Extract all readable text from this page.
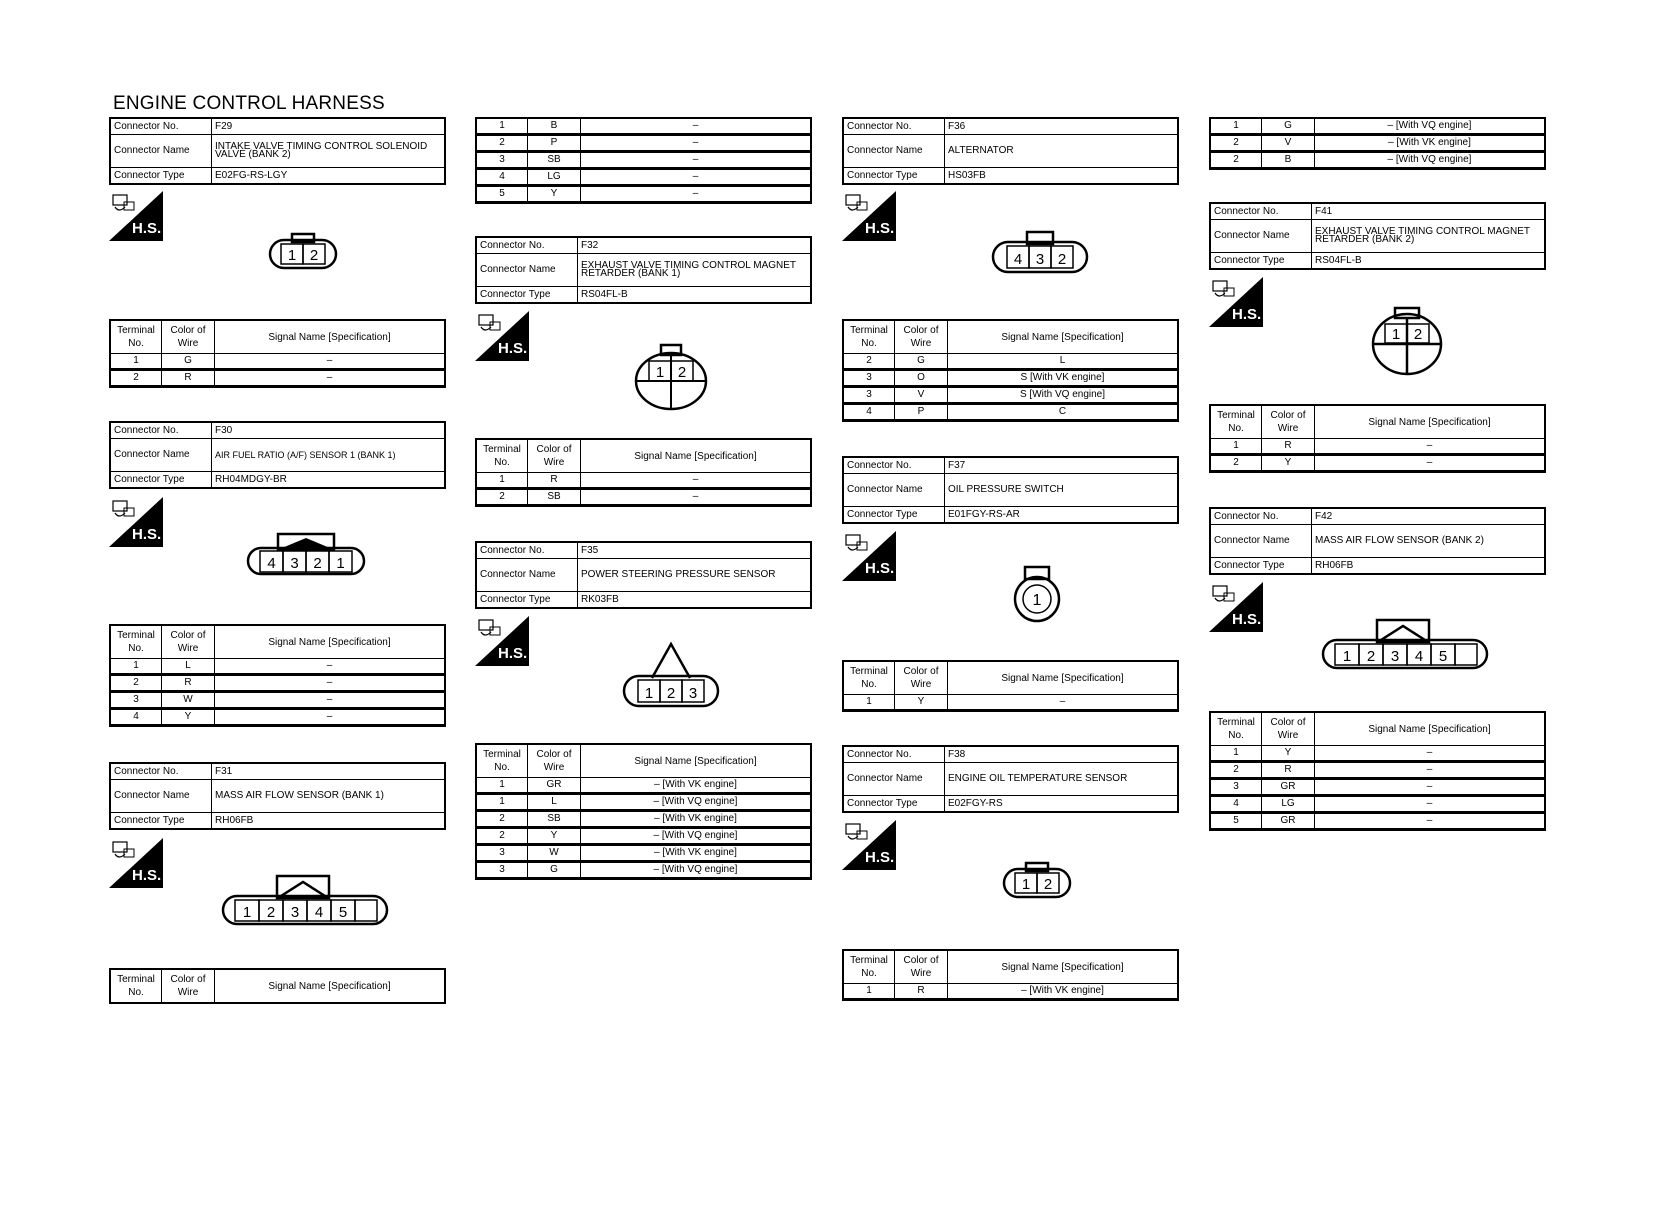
ENGINE CONTROL HARNESS
Connector No.	F29
Connector Name	INTAKE VALVE TIMING CONTROL SOLENOID VALVE (BANK 2)
Connector Type	E02FG-RS-LGY
H.S.
1 2
Terminal No.	Color of Wire	Signal Name [Specification]
1	G	–
2	R	–
Connector No.	F30
Connector Name	AIR FUEL RATIO (A/F) SENSOR 1 (BANK 1)
Connector Type	RH04MDGY-BR
H.S.
4 3 2 1
Terminal No.	Color of Wire	Signal Name [Specification]
1	L	–
2	R	–
3	W	–
4	Y	–
Connector No.	F31
Connector Name	MASS AIR FLOW SENSOR (BANK 1)
Connector Type	RH06FB
H.S.
1 2 3 4 5
Terminal No.	Color of Wire	Signal Name [Specification]
1	B	–
2	P	–
3	SB	–
4	LG	–
5	Y	–
Connector No.	F32
Connector Name	EXHAUST VALVE TIMING CONTROL MAGNET RETARDER (BANK 1)
Connector Type	RS04FL-B
H.S.
1 2
Terminal No.	Color of Wire	Signal Name [Specification]
1	R	–
2	SB	–
Connector No.	F35
Connector Name	POWER STEERING PRESSURE SENSOR
Connector Type	RK03FB
H.S.
1 2 3
Terminal No.	Color of Wire	Signal Name [Specification]
1	GR	– [With VK engine]
1	L	– [With VQ engine]
2	SB	– [With VK engine]
2	Y	– [With VQ engine]
3	W	– [With VK engine]
3	G	– [With VQ engine]
Connector No.	F36
Connector Name	ALTERNATOR
Connector Type	HS03FB
H.S.
4 3 2
Terminal No.	Color of Wire	Signal Name [Specification]
2	G	L
3	O	S [With VK engine]
3	V	S [With VQ engine]
4	P	C
Connector No.	F37
Connector Name	OIL PRESSURE SWITCH
Connector Type	E01FGY-RS-AR
H.S.
1
Terminal No.	Color of Wire	Signal Name [Specification]
1	Y	–
Connector No.	F38
Connector Name	ENGINE OIL TEMPERATURE SENSOR
Connector Type	E02FGY-RS
H.S.
1 2
Terminal No.	Color of Wire	Signal Name [Specification]
1	R	– [With VK engine]
1	G	– [With VQ engine]
2	V	– [With VK engine]
2	B	– [With VQ engine]
Connector No.	F41
Connector Name	EXHAUST VALVE TIMING CONTROL MAGNET RETARDER (BANK 2)
Connector Type	RS04FL-B
H.S.
1 2
Terminal No.	Color of Wire	Signal Name [Specification]
1	R	–
2	Y	–
Connector No.	F42
Connector Name	MASS AIR FLOW SENSOR (BANK 2)
Connector Type	RH06FB
H.S.
1 2 3 4 5
Terminal No.	Color of Wire	Signal Name [Specification]
1	Y	–
2	R	–
3	GR	–
4	LG	–
5	GR	–
